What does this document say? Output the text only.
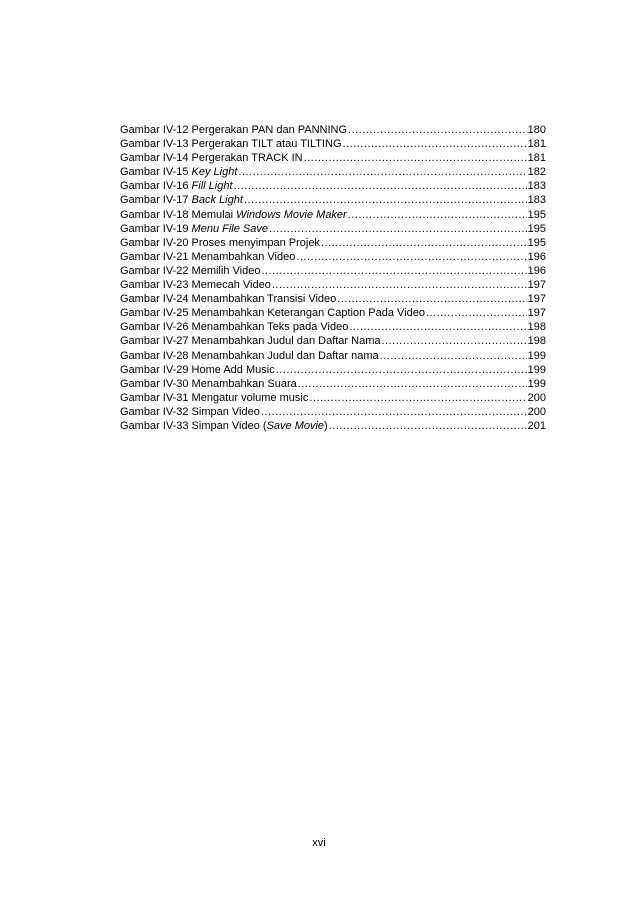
Gambar IV-12 Pergerakan PAN dan PANNING .....	180
Gambar IV-13 Pergerakan TILT atau TILTING .....	181
Gambar IV-14 Pergerakan TRACK IN .....	181
Gambar IV-15 Key Light .....	182
Gambar IV-16 Fill Light .....	183
Gambar IV-17 Back Light .....	183
Gambar IV-18 Memulai Windows Movie Maker .....	195
Gambar IV-19 Menu File Save .....	195
Gambar IV-20 Proses menyimpan Projek .....	195
Gambar IV-21 Menambahkan Video .....	196
Gambar IV-22 Memilih Video .....	196
Gambar IV-23 Memecah Video .....	197
Gambar IV-24 Menambahkan Transisi Video .....	197
Gambar IV-25 Menambahkan Keterangan Caption Pada Video .....	197
Gambar IV-26 Menambahkan Teks pada Video .....	198
Gambar IV-27 Menambahkan Judul dan Daftar Nama .....	198
Gambar IV-28 Menambahkan Judul dan Daftar nama .....	199
Gambar IV-29 Home Add Music .....	199
Gambar IV-30 Menambahkan Suara .....	199
Gambar IV-31 Mengatur volume music .....	200
Gambar IV-32 Simpan Video .....	200
Gambar IV-33 Simpan Video (Save Movie) .....	201
xvi
